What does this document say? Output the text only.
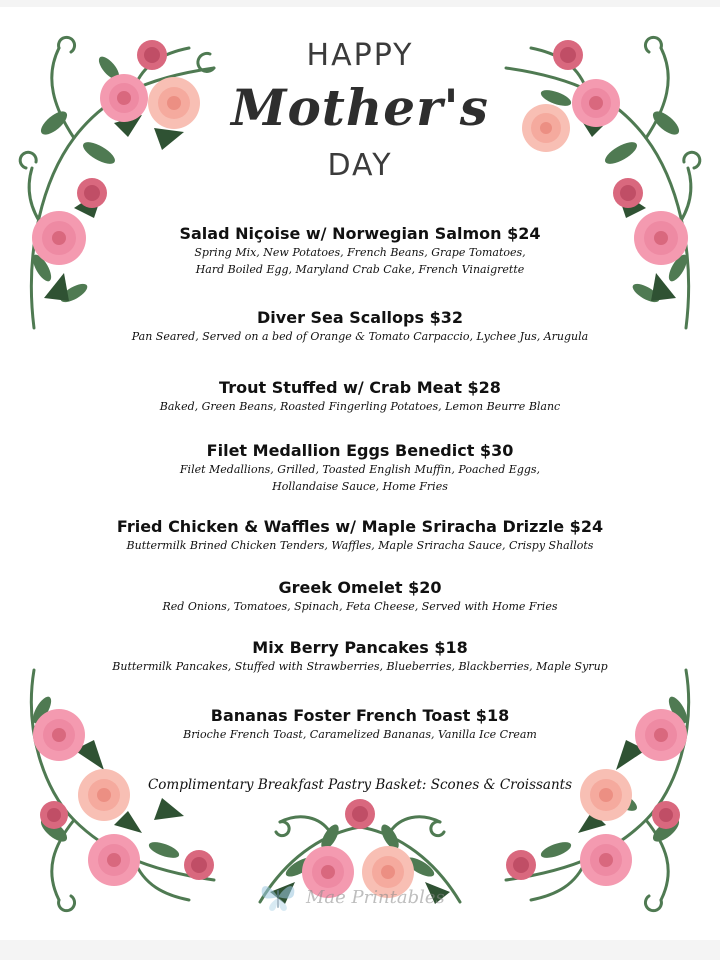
HAPPY
Mother's
DAY
Salad Niçoise w/ Norwegian Salmon $24
Spring Mix, New Potatoes, French Beans, Grape Tomatoes,
Hard Boiled Egg, Maryland Crab Cake, French Vinaigrette
Diver Sea Scallops $32
Pan Seared, Served on a bed of Orange & Tomato Carpaccio, Lychee Jus, Arugula
Trout Stuffed w/ Crab Meat $28
Baked, Green Beans, Roasted Fingerling Potatoes, Lemon Beurre Blanc
Filet Medallion Eggs Benedict $30
Filet Medallions, Grilled, Toasted English Muffin, Poached Eggs,
Hollandaise Sauce, Home Fries
Fried Chicken & Waffles w/ Maple Sriracha Drizzle $24
Buttermilk Brined Chicken Tenders, Waffles, Maple Sriracha Sauce, Crispy Shallots
Greek Omelet $20
Red Onions, Tomatoes, Spinach, Feta Cheese, Served with Home Fries
Mix Berry Pancakes $18
Buttermilk Pancakes, Stuffed with Strawberries, Blueberries, Blackberries, Maple Syrup
Bananas Foster French Toast $18
Brioche French Toast, Caramelized Bananas, Vanilla Ice Cream
Complimentary Breakfast Pastry Basket: Scones & Croissants
Mae Printables
